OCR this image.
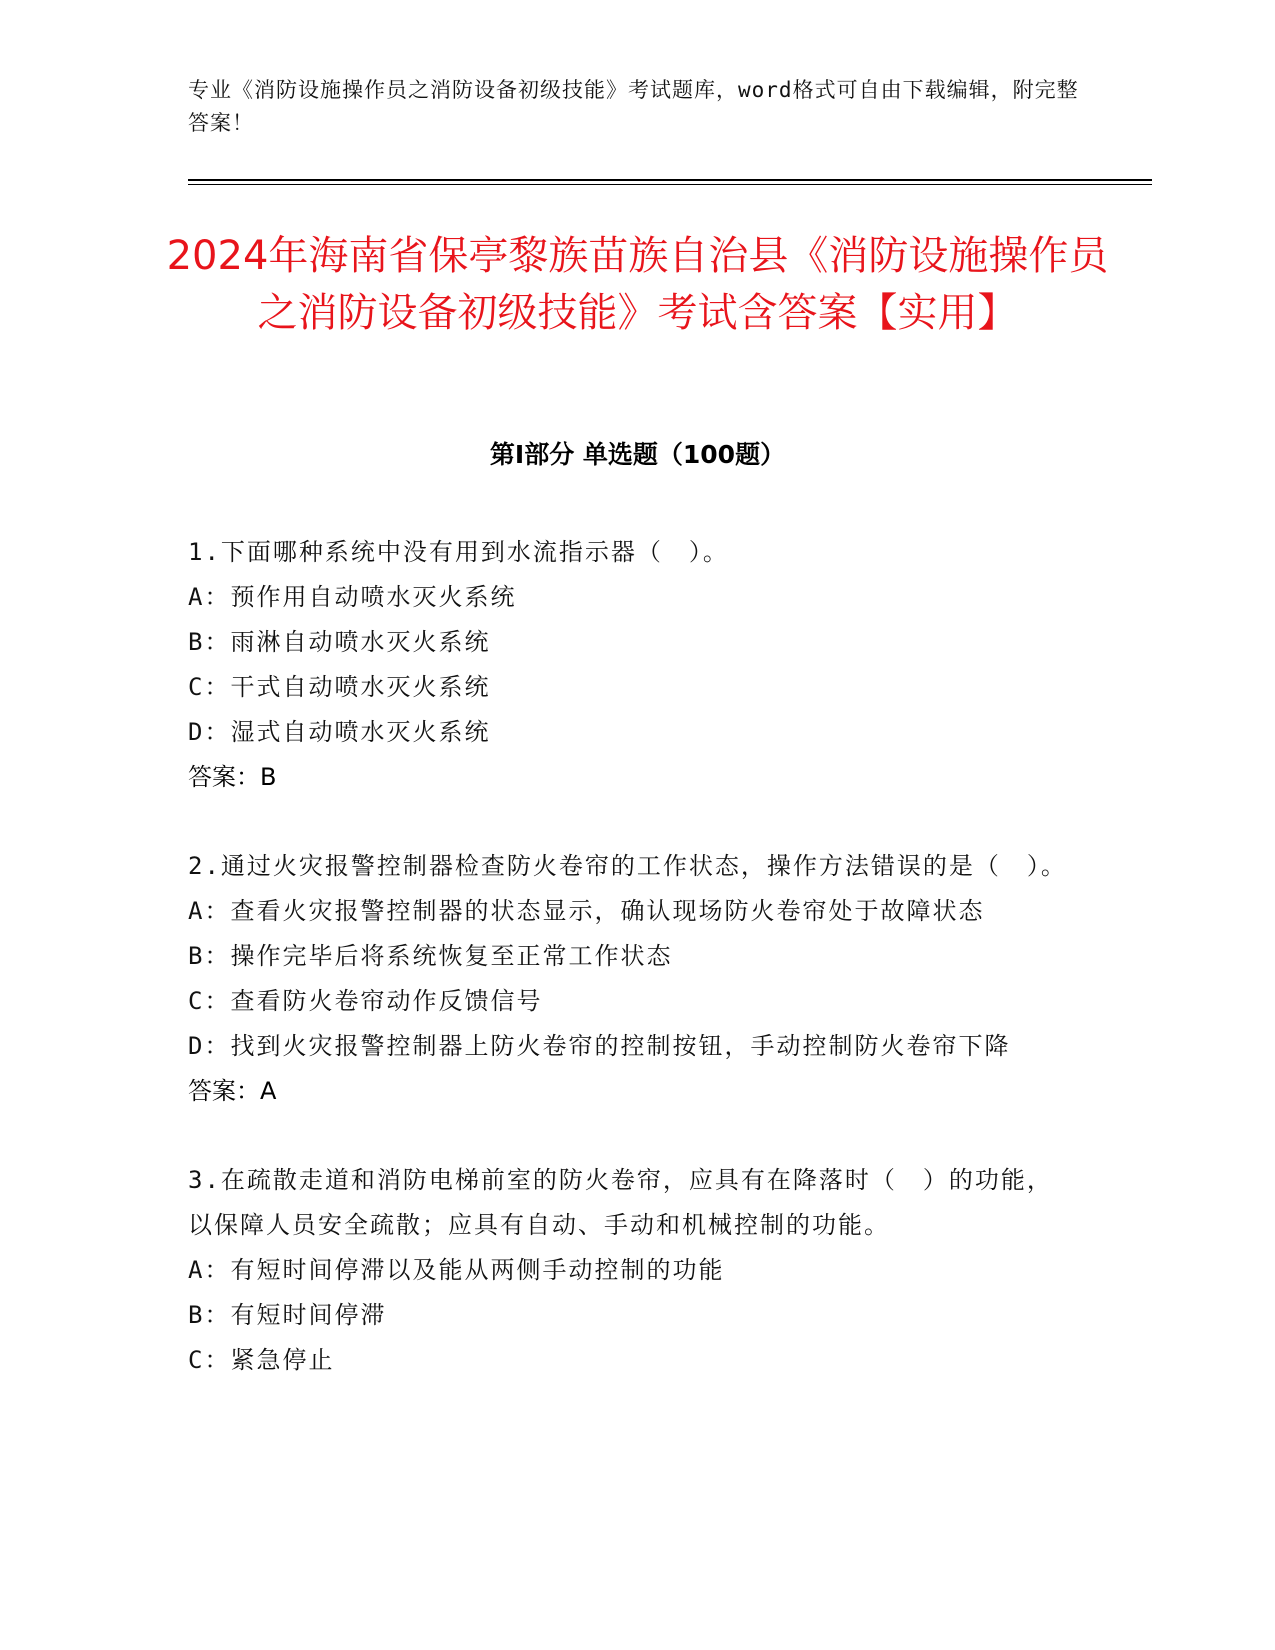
专业《消防设施操作员之消防设备初级技能》考试题库，word格式可自由下载编辑，附完整答案！
2024年海南省保亭黎族苗族自治县《消防设施操作员之消防设备初级技能》考试含答案【实用】
第Ⅰ部分 单选题（100题）
1.下面哪种系统中没有用到水流指示器（　）。
A：预作用自动喷水灭火系统
B：雨淋自动喷水灭火系统
C：干式自动喷水灭火系统
D：湿式自动喷水灭火系统
答案：B
2.通过火灾报警控制器检查防火卷帘的工作状态，操作方法错误的是（　）。
A：查看火灾报警控制器的状态显示，确认现场防火卷帘处于故障状态
B：操作完毕后将系统恢复至正常工作状态
C：查看防火卷帘动作反馈信号
D：找到火灾报警控制器上防火卷帘的控制按钮，手动控制防火卷帘下降
答案：A
3.在疏散走道和消防电梯前室的防火卷帘，应具有在降落时（　）的功能，以保障人员安全疏散；应具有自动、手动和机械控制的功能。
A：有短时间停滞以及能从两侧手动控制的功能
B：有短时间停滞
C：紧急停止
